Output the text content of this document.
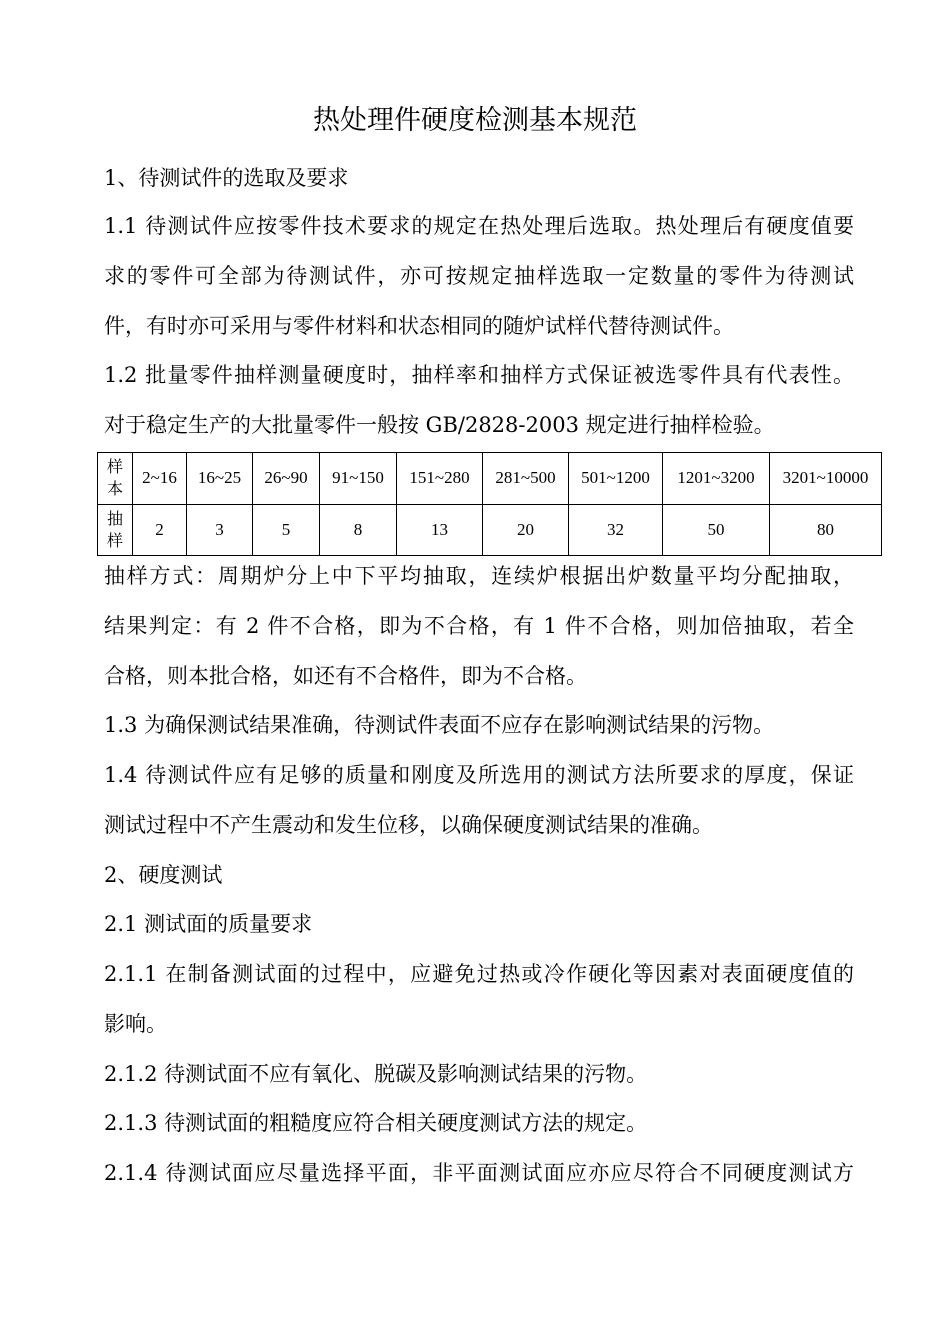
热处理件硬度检测基本规范
1、待测试件的选取及要求
1.1 待测试件应按零件技术要求的规定在热处理后选取。热处理后有硬度值要
求的零件可全部为待测试件，亦可按规定抽样选取一定数量的零件为待测试
件，有时亦可采用与零件材料和状态相同的随炉试样代替待测试件。
1.2 批量零件抽样测量硬度时，抽样率和抽样方式保证被选零件具有代表性。
对于稳定生产的大批量零件一般按 GB/2828-2003 规定进行抽样检验。
样
本	2~16	16~25	26~90	91~150	151~280	281~500	501~1200	1201~3200	3201~10000

抽
样	2	3	5	8	13	20	32	50	80
抽样方式：周期炉分上中下平均抽取，连续炉根据出炉数量平均分配抽取，
结果判定：有 2 件不合格，即为不合格，有 1 件不合格，则加倍抽取，若全
合格，则本批合格，如还有不合格件，即为不合格。
1.3 为确保测试结果准确，待测试件表面不应存在影响测试结果的污物。
1.4 待测试件应有足够的质量和刚度及所选用的测试方法所要求的厚度，保证
测试过程中不产生震动和发生位移，以确保硬度测试结果的准确。
2、硬度测试
2.1 测试面的质量要求
2.1.1 在制备测试面的过程中，应避免过热或冷作硬化等因素对表面硬度值的
影响。
2.1.2 待测试面不应有氧化、脱碳及影响测试结果的污物。
2.1.3 待测试面的粗糙度应符合相关硬度测试方法的规定。
2.1.4 待测试面应尽量选择平面，非平面测试面应亦应尽符合不同硬度测试方
